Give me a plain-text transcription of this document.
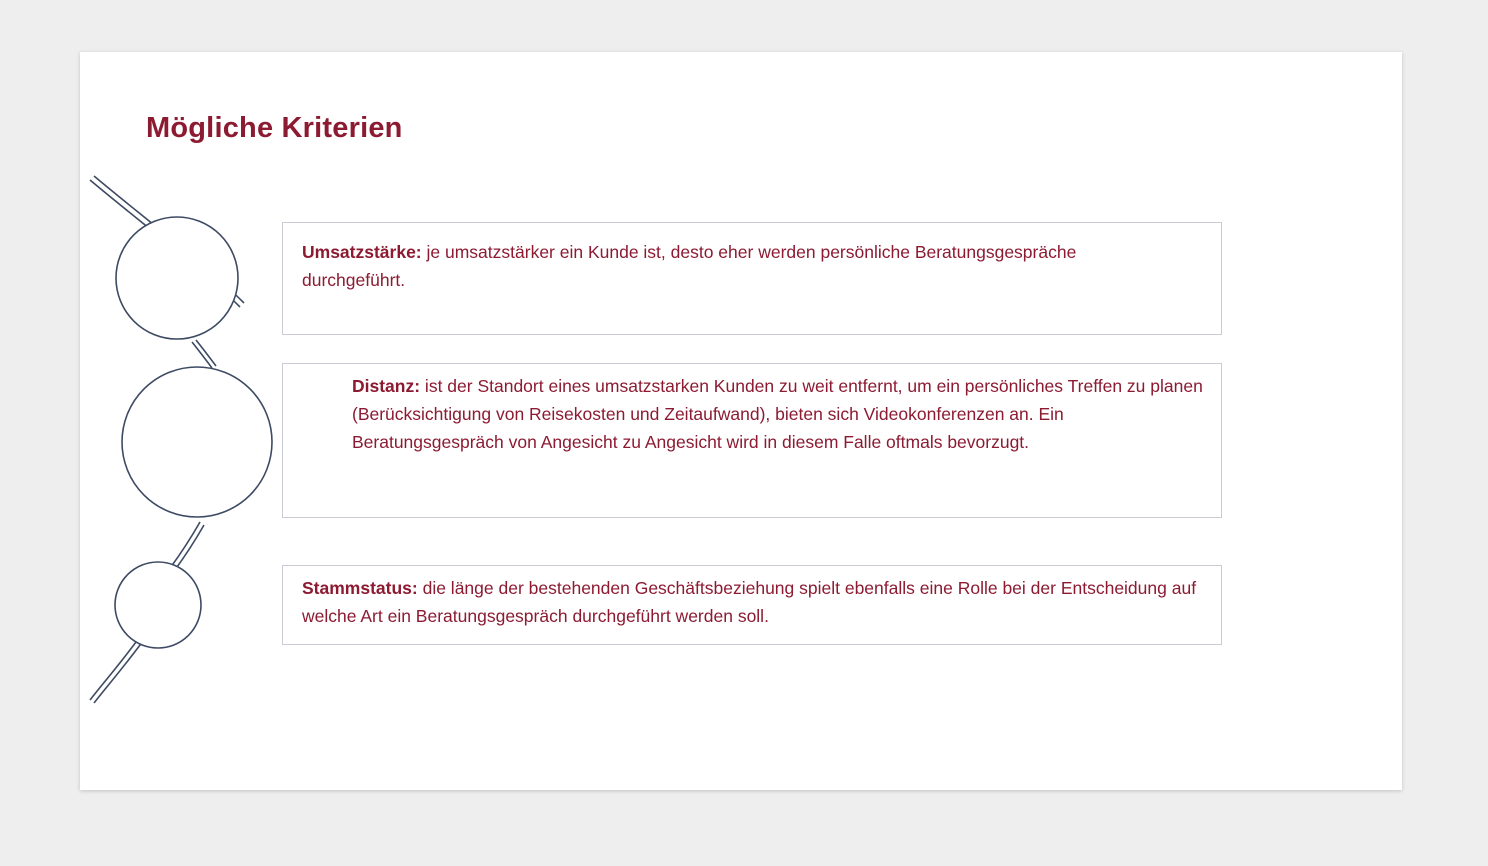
Mögliche Kriterien
Umsatzstärke: je umsatzstärker ein Kunde ist, desto eher werden persönliche Beratungsgespräche durchgeführt.
Distanz: ist der Standort eines umsatzstarken Kunden zu weit entfernt, um ein persönliches Treffen zu planen (Berücksichtigung von Reisekosten und Zeitaufwand), bieten sich Videokonferenzen an. Ein Beratungsgespräch von Angesicht zu Angesicht wird in diesem Falle oftmals bevorzugt.
Stammstatus: die länge der bestehenden Geschäftsbeziehung spielt ebenfalls eine Rolle bei der Entscheidung auf welche Art ein Beratungsgespräch durchgeführt werden soll.
